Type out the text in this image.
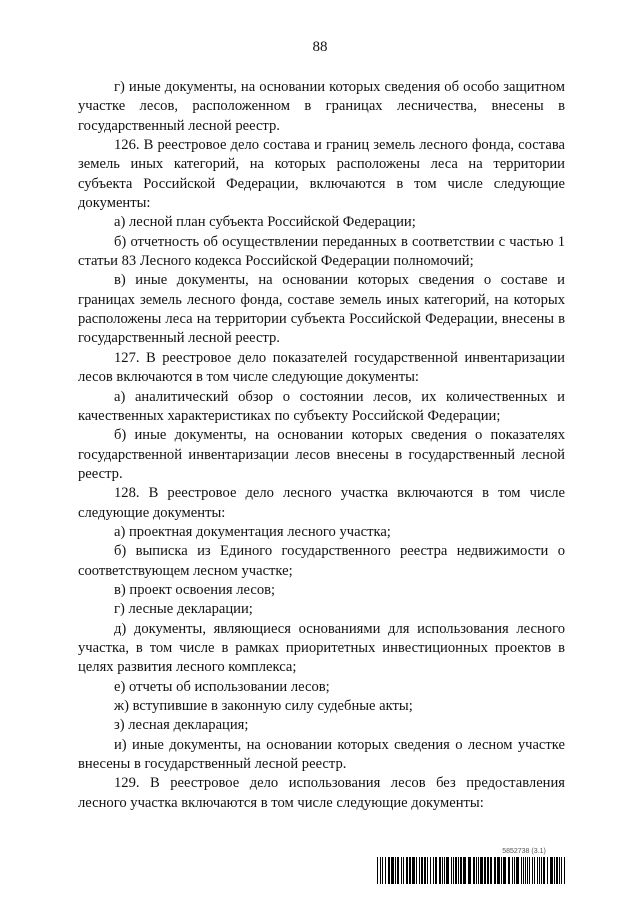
88

г) иные документы, на основании которых сведения об особо защитном участке лесов, расположенном в границах лесничества, внесены в государственный лесной реестр.

126. В реестровое дело состава и границ земель лесного фонда, состава земель иных категорий, на которых расположены леса на территории субъекта Российской Федерации, включаются в том числе следующие документы:

а) лесной план субъекта Российской Федерации;

б) отчетность об осуществлении переданных в соответствии с частью 1 статьи 83 Лесного кодекса Российской Федерации полномочий;

в) иные документы, на основании которых сведения о составе и границах земель лесного фонда, составе земель иных категорий, на которых расположены леса на территории субъекта Российской Федерации, внесены в государственный лесной реестр.

127. В реестровое дело показателей государственной инвентаризации лесов включаются в том числе следующие документы:

а) аналитический обзор о состоянии лесов, их количественных и качественных характеристиках по субъекту Российской Федерации;

б) иные документы, на основании которых сведения о показателях государственной инвентаризации лесов внесены в государственный лесной реестр.

128. В реестровое дело лесного участка включаются в том числе следующие документы:

а) проектная документация лесного участка;

б) выписка из Единого государственного реестра недвижимости о соответствующем лесном участке;

в) проект освоения лесов;

г) лесные декларации;

д) документы, являющиеся основаниями для использования лесного участка, в том числе в рамках приоритетных инвестиционных проектов в целях развития лесного комплекса;

е) отчеты об использовании лесов;

ж) вступившие в законную силу судебные акты;

з) лесная декларация;

и) иные документы, на основании которых сведения о лесном участке внесены в государственный лесной реестр.

129. В реестровое дело использования лесов без предоставления лесного участка включаются в том числе следующие документы:

5852738 (3.1)
